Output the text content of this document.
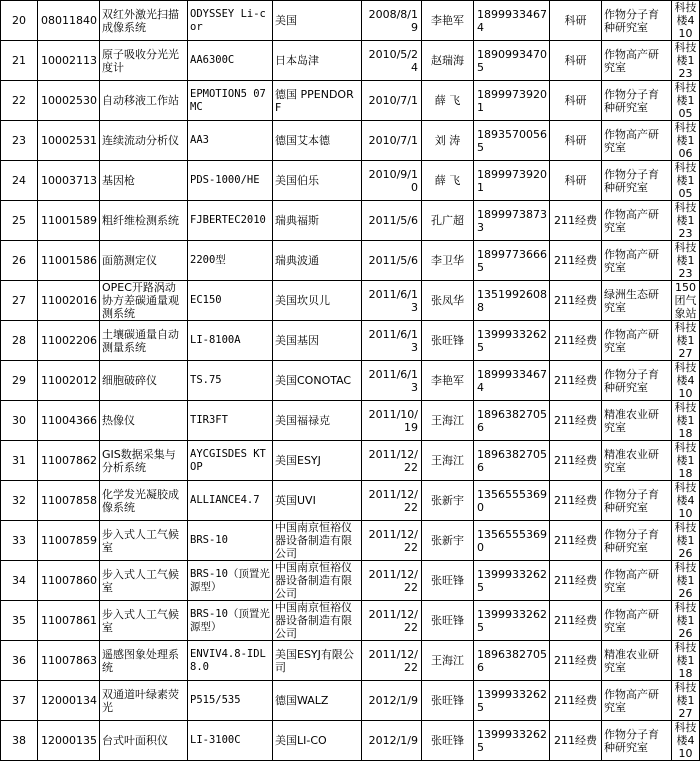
20	08011840	双红外激光扫描成像系统	ODYSSEY Li-cor	美国	2008/8/19	李艳军	18999334674	科研	作物分子育种研究室	科技楼410
21	10002113	原子吸收分光光度计	AA6300C	日本岛津	2010/5/24	赵瑞海	18909934705	科研	作物高产研究室	科技楼123
22	10002530	自动移液工作站	EPMOTION5 07MC	德国 PPENDORF	2010/7/1	薛 飞	18999739201	科研	作物分子育种研究室	科技楼105
23	10002531	连续流动分析仪	AA3	德国艾本德	2010/7/1	刘 涛	18935700565	科研	作物高产研究室	科技楼106
24	10003713	基因枪	PDS-1000/HE	美国伯乐	2010/9/10	薛 飞	18999739201	科研	作物分子育种研究室	科技楼105
25	11001589	粗纤维检测系统	FJBERTEC2010	瑞典福斯	2011/5/6	孔广超	18999738733	211经费	作物高产研究室	科技楼123
26	11001586	面筋测定仪	2200型	瑞典波通	2011/5/6	李卫华	18997736665	211经费	作物高产研究室	科技楼123
27	11002016	OPEC开路涡动协方差碳通量观测系统	EC150	美国坎贝儿	2011/6/13	张凤华	13519926088	211经费	绿洲生态研究室	150团气象站
28	11002206	土壤碳通量自动测量系统	LI-8100A	美国基因	2011/6/13	张旺锋	13999332625	211经费	作物高产研究室	科技楼127
29	11002012	细胞破碎仪	TS.75	美国CONOTAC	2011/6/13	李艳军	18999334674	211经费	作物分子育种研究室	科技楼410
30	11004366	热像仪	TIR3FT	美国福禄克	2011/10/19	王海江	18963827056	211经费	精准农业研究室	科技楼118
31	11007862	GIS数据采集与分析系统	AYCGISDES KTOP	美国ESYJ	2011/12/22	王海江	18963827056	211经费	精准农业研究室	科技楼118
32	11007858	化学发光凝胶成像系统	ALLIANCE4.7	英国UVI	2011/12/22	张新宇	13565553690	211经费	作物分子育种研究室	科技楼410
33	11007859	步入式人工气候室	BRS-10	中国南京恒裕仪器设备制造有限公司	2011/12/22	张新宇	13565553690	211经费	作物分子育种研究室	科技楼126
34	11007860	步入式人工气候室	BRS-10（顶置光源型）	中国南京恒裕仪器设备制造有限公司	2011/12/22	张旺锋	13999332625	211经费	作物高产研究室	科技楼126
35	11007861	步入式人工气候室	BRS-10（顶置光源型）	中国南京恒裕仪器设备制造有限公司	2011/12/22	张旺锋	13999332625	211经费	作物高产研究室	科技楼126
36	11007863	遥感图象处理系统	ENVIV4.8-IDL8.0	美国ESYJ有限公司	2011/12/22	王海江	18963827056	211经费	精准农业研究室	科技楼118
37	12000134	双通道叶绿素荧光	P515/535	德国WALZ	2012/1/9	张旺锋	13999332625	211经费	作物高产研究室	科技楼127
38	12000135	台式叶面积仪	LI-3100C	美国LI-CO	2012/1/9	张旺锋	13999332625	211经费	作物分子育种研究室	科技楼410
